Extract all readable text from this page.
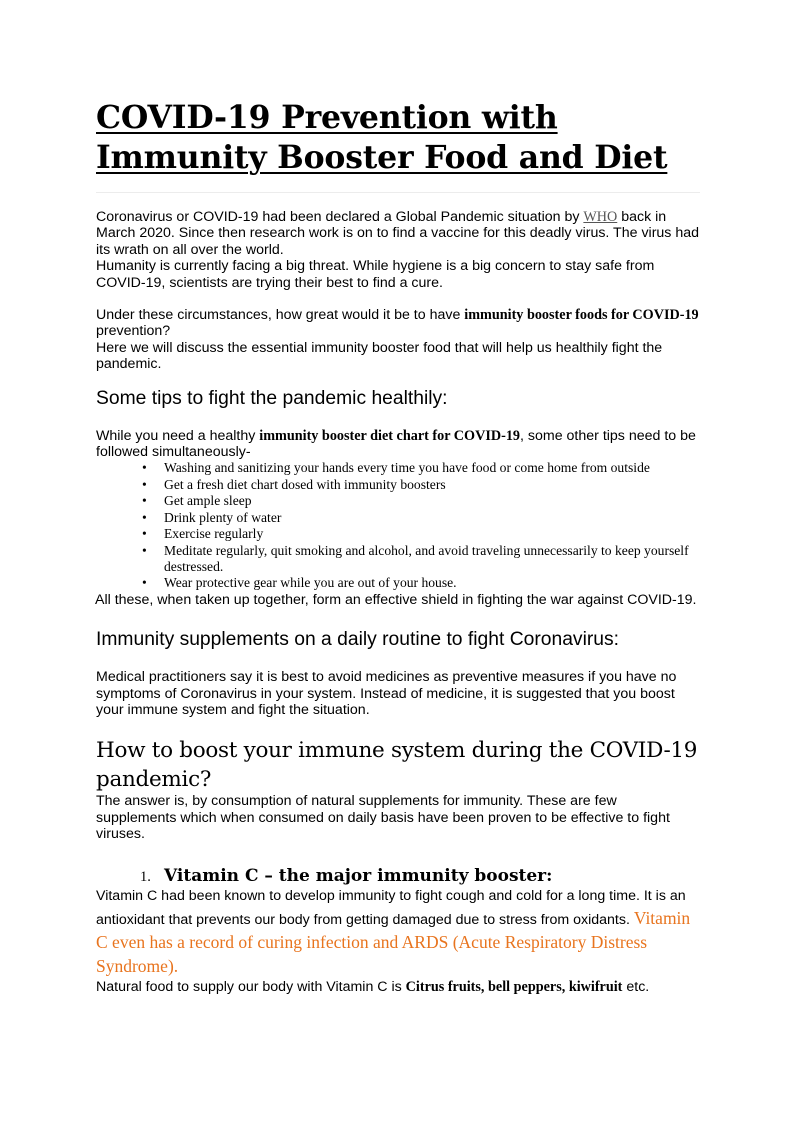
COVID-19 Prevention with Immunity Booster Food and Diet

Coronavirus or COVID-19 had been declared a Global Pandemic situation by WHO back in March 2020. Since then research work is on to find a vaccine for this deadly virus. The virus had its wrath on all over the world.

Humanity is currently facing a big threat. While hygiene is a big concern to stay safe from COVID-19, scientists are trying their best to find a cure.

Under these circumstances, how great would it be to have immunity booster foods for COVID-19 prevention?

Here we will discuss the essential immunity booster food that will help us healthily fight the pandemic.

Some tips to fight the pandemic healthily:

While you need a healthy immunity booster diet chart for COVID-19, some other tips need to be followed simultaneously-

• Washing and sanitizing your hands every time you have food or come home from outside
• Get a fresh diet chart dosed with immunity boosters
• Get ample sleep
• Drink plenty of water
• Exercise regularly
• Meditate regularly, quit smoking and alcohol, and avoid traveling unnecessarily to keep yourself destressed.
• Wear protective gear while you are out of your house.

All these, when taken up together, form an effective shield in fighting the war against COVID-19.

Immunity supplements on a daily routine to fight Coronavirus:

Medical practitioners say it is best to avoid medicines as preventive measures if you have no symptoms of Coronavirus in your system. Instead of medicine, it is suggested that you boost your immune system and fight the situation.

How to boost your immune system during the COVID-19 pandemic?

The answer is, by consumption of natural supplements for immunity. These are few supplements which when consumed on daily basis have been proven to be effective to fight viruses.

1. Vitamin C – the major immunity booster:

Vitamin C had been known to develop immunity to fight cough and cold for a long time. It is an antioxidant that prevents our body from getting damaged due to stress from oxidants. Vitamin C even has a record of curing infection and ARDS (Acute Respiratory Distress Syndrome).

Natural food to supply our body with Vitamin C is Citrus fruits, bell peppers, kiwifruit etc.
